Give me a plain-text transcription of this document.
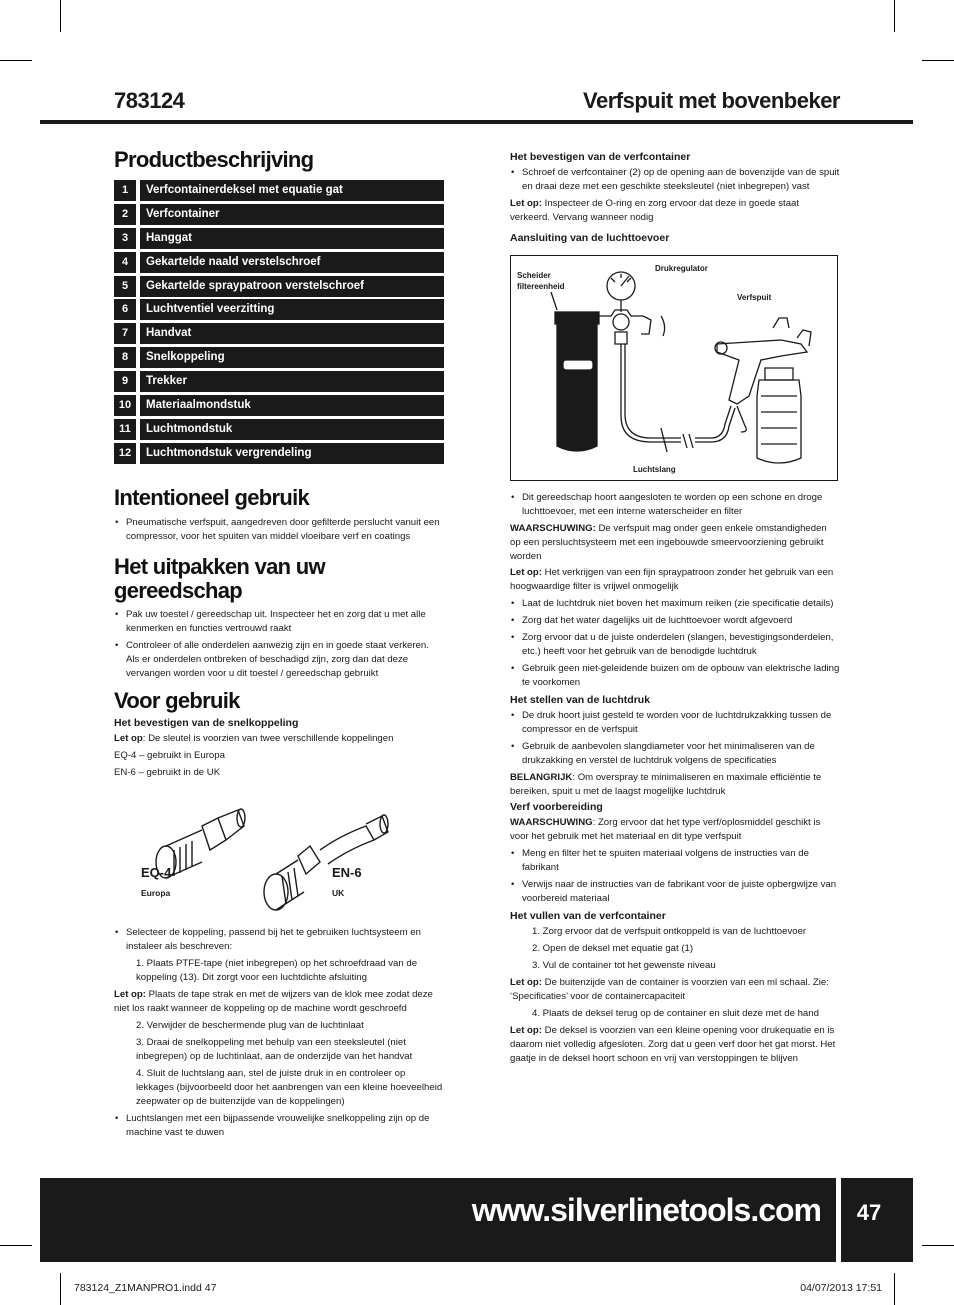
783124	Verfspuit met bovenbeker
Productbeschrijving
1	Verfcontainerdeksel met equatie gat
2	Verfcontainer
3	Hanggat
4	Gekartelde naald verstelschroef
5	Gekartelde spraypatroon verstelschroef
6	Luchtventiel veerzitting
7	Handvat
8	Snelkoppeling
9	Trekker
10	Materiaalmondstuk
11	Luchtmondstuk
12	Luchtmondstuk vergrendeling
Intentioneel gebruik
• Pneumatische verfspuit, aangedreven door gefilterde perslucht vanuit een compressor, voor het spuiten van middel vloeibare verf en coatings
Het uitpakken van uw gereedschap
• Pak uw toestel / gereedschap uit. Inspecteer het en zorg dat u met alle kenmerken en functies vertrouwd raakt
• Controleer of alle onderdelen aanwezig zijn en in goede staat verkeren. Als er onderdelen ontbreken of beschadigd zijn, zorg dan dat deze vervangen worden voor u dit toestel / gereedschap gebruikt
Voor gebruik
Het bevestigen van de snelkoppeling

Let op: De sleutel is voorzien van twee verschillende koppelingen

EQ-4 – gebruikt in Europa

EN-6 – gebruikt in de UK

EQ-4
Europa
EN-6
UK
• Selecteer de koppeling, passend bij het te gebruiken luchtsysteem en instaleer als beschreven:
1. Plaats PTFE-tape (niet inbegrepen) op het schroefdraad van de koppeling (13). Dit zorgt voor een luchtdichte afsluiting

Let op: Plaats de tape strak en met de wijzers van de klok mee zodat deze niet los raakt wanneer de koppeling op de machine wordt geschroefd

2. Verwijder de beschermende plug van de luchtinlaat
3. Draai de snelkoppeling met behulp van een steeksleutel (niet inbegrepen) op de luchtinlaat, aan de onderzijde van het handvat
4. Sluit de luchtslang aan, stel de juiste druk in en controleer op lekkages (bijvoorbeeld door het aanbrengen van een kleine hoeveelheid zeepwater op de buitenzijde van de koppelingen)
• Luchtslangen met een bijpassende vrouwelijke snelkoppeling zijn op de machine vast te duwen
Het bevestigen van de verfcontainer
• Schroef de verfcontainer (2) op de opening aan de bovenzijde van de spuit en draai deze met een geschikte steeksleutel (niet inbegrepen) vast

Let op: Inspecteer de O-ring en zorg ervoor dat deze in goede staat verkeerd. Vervang wanneer nodig

Aansluiting van de luchttoevoer
Scheider filtereenheid
Drukregulator
Verfspuit
Luchtslang
• Dit gereedschap hoort aangesloten te worden op een schone en droge luchttoevoer, met een interne waterscheider en filter

WAARSCHUWING: De verfspuit mag onder geen enkele omstandigheden op een persluchtsysteem met een ingebouwde smeervoorziening gebruikt worden

Let op: Het verkrijgen van een fijn spraypatroon zonder het gebruik van een hoogwaardige filter is vrijwel onmogelijk

• Laat de luchtdruk niet boven het maximum reiken (zie specificatie details)
• Zorg dat het water dagelijks uit de luchttoevoer wordt afgevoerd
• Zorg ervoor dat u de juiste onderdelen (slangen, bevestigingsonderdelen, etc.) heeft voor het gebruik van de benodigde luchtdruk
• Gebruik geen niet-geleidende buizen om de opbouw van elektrische lading te voorkomen
Het stellen van de luchtdruk
• De druk hoort juist gesteld te worden voor de luchtdrukzakking tussen de compressor en de verfspuit
• Gebruik de aanbevolen slangdiameter voor het minimaliseren van de drukzakking en verstel de luchtdruk volgens de specificaties

BELANGRIJK: Om overspray te minimaliseren en maximale efficiëntie te bereiken, spuit u met de laagst mogelijke luchtdruk

Verf voorbereiding

WAARSCHUWING: Zorg ervoor dat het type verf/oplosmiddel geschikt is voor het gebruik met het materiaal en dit type verfspuit

• Meng en filter het te spuiten materiaal volgens de instructies van de fabrikant
• Verwijs naar de instructies van de fabrikant voor de juiste opbergwijze van voorbereid materiaal
Het vullen van de verfcontainer
1. Zorg ervoor dat de verfspuit ontkoppeld is van de luchttoevoer
2. Open de deksel met equatie gat (1)
3. Vul de container tot het gewenste niveau

Let op: De buitenzijde van de container is voorzien van een ml schaal. Zie: ‘Specificaties’ voor de containercapaciteit

4. Plaats de deksel terug op de container en sluit deze met de hand

Let op: De deksel is voorzien van een kleine opening voor drukequatie en is daarom niet volledig afgesloten. Zorg dat u geen verf door het gat morst. Het gaatje in de deksel hoort schoon en vrij van verstoppingen te blijven

www.silverlinetools.com	47
783124_Z1MANPRO1.indd 47	04/07/2013 17:51
